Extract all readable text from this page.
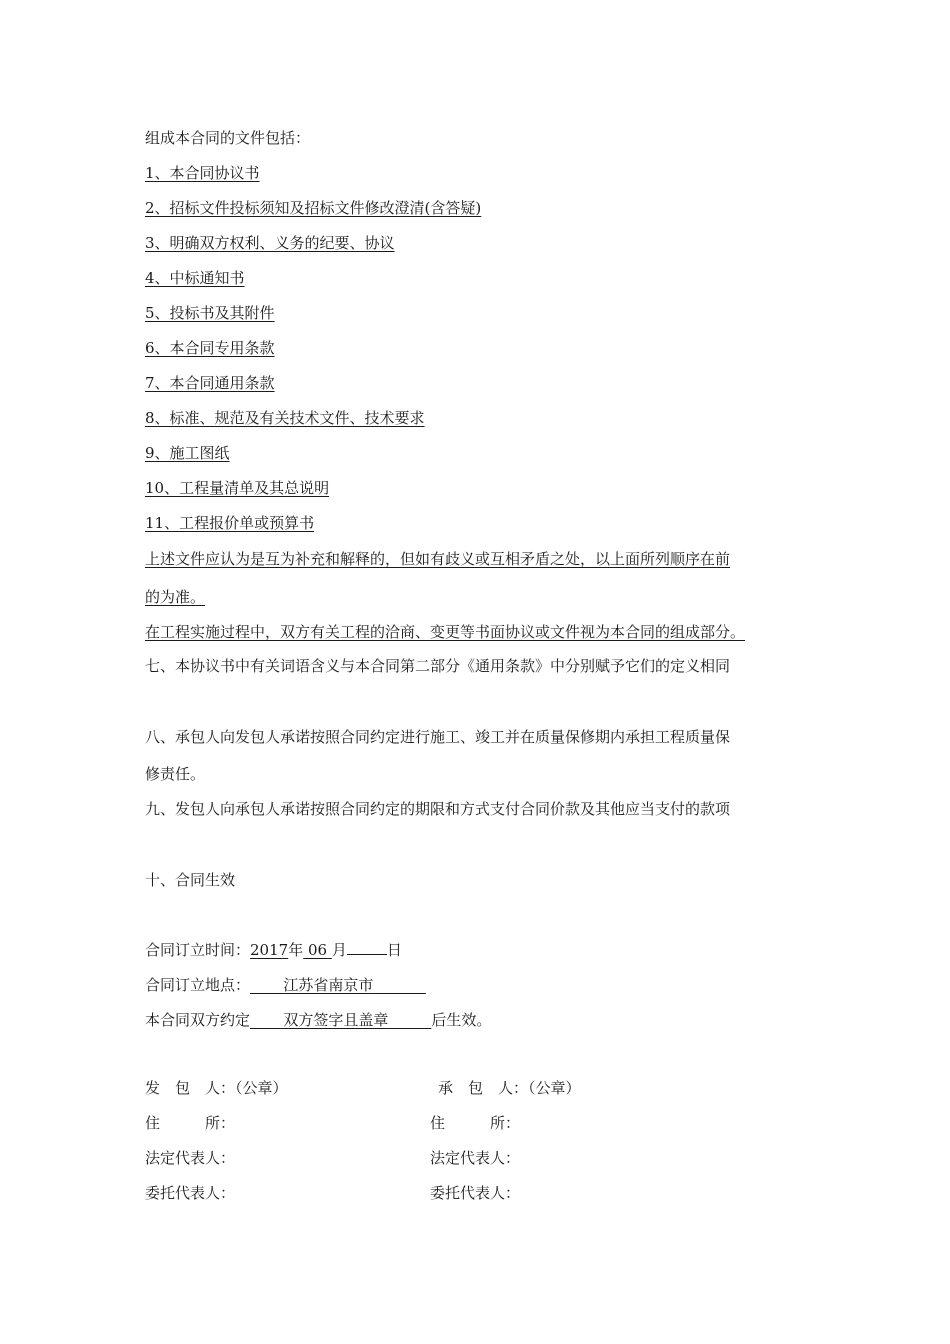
组成本合同的文件包括：
1、本合同协议书
2、招标文件投标须知及招标文件修改澄清(含答疑)
3、明确双方权利、义务的纪要、协议
4、中标通知书
5、投标书及其附件
6、本合同专用条款
7、本合同通用条款
8、标准、规范及有关技术文件、技术要求
9、施工图纸
10、工程量清单及其总说明
11、工程报价单或预算书
上述文件应认为是互为补充和解释的，但如有歧义或互相矛盾之处，以上面所列顺序在前
的为准。
在工程实施过程中，双方有关工程的洽商、变更等书面协议或文件视为本合同的组成部分。
七、本协议书中有关词语含义与本合同第二部分《通用条款》中分别赋予它们的定义相同
八、承包人向发包人承诺按照合同约定进行施工、竣工并在质量保修期内承担工程质量保
修责任。
九、发包人向承包人承诺按照合同约定的期限和方式支付合同价款及其他应当支付的款项
十、合同生效
合同订立时间：2017年 06 月	日
合同订立地点： 江苏省南京市
本合同双方约定 双方签字且盖章	后生效。
发　包　人：（公章）	承　包　人：（公章）
住　　　所：	住　　　所：
法定代表人：	法定代表人：
委托代表人：	委托代表人：
